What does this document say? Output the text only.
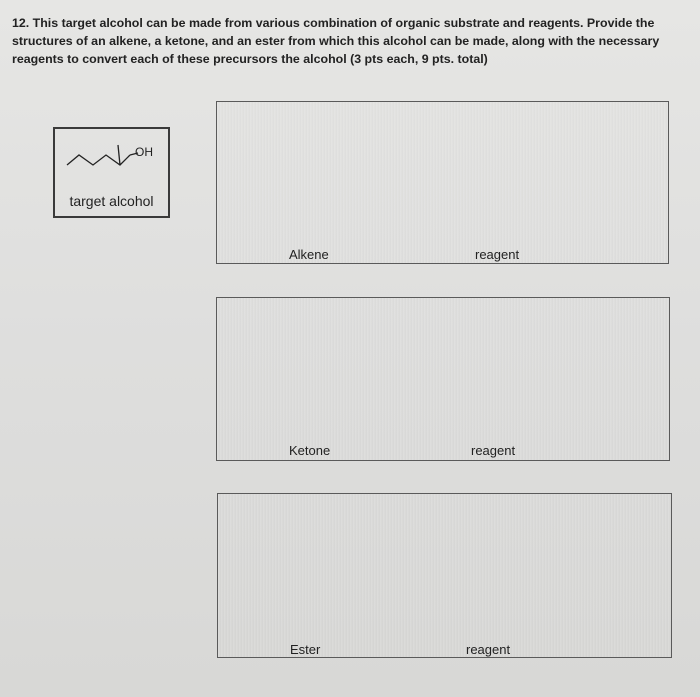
12. This target alcohol can be made from various combination of organic substrate and reagents. Provide the structures of an alkene, a ketone, and an ester from which this alcohol can be made, along with the necessary reagents to convert each of these precursors the alcohol (3 pts each, 9 pts. total)

OH
target alcohol
Alkene	reagent
Ketone	reagent
Ester	reagent
